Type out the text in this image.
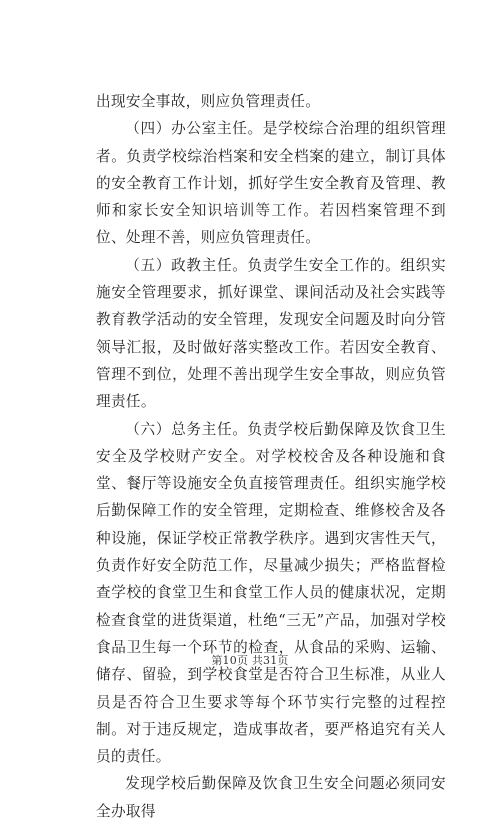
出现安全事故，则应负管理责任。

（四）办公室主任。是学校综合治理的组织管理者。负责学校综治档案和安全档案的建立，制订具体的安全教育工作计划，抓好学生安全教育及管理、教师和家长安全知识培训等工作。若因档案管理不到位、处理不善，则应负管理责任。

（五）政教主任。负责学生安全工作的。组织实施安全管理要求，抓好课堂、课间活动及社会实践等教育教学活动的安全管理，发现安全问题及时向分管领导汇报，及时做好落实整改工作。若因安全教育、管理不到位，处理不善出现学生安全事故，则应负管理责任。

（六）总务主任。负责学校后勤保障及饮食卫生安全及学校财产安全。对学校校舍及各种设施和食堂、餐厅等设施安全负直接管理责任。组织实施学校后勤保障工作的安全管理，定期检查、维修校舍及各种设施，保证学校正常教学秩序。遇到灾害性天气，负责作好安全防范工作，尽量减少损失；严格监督检查学校的食堂卫生和食堂工作人员的健康状况，定期检查食堂的进货渠道，杜绝“三无”产品，加强对学校食品卫生每一个环节的检查，从食品的采购、运输、储存、留验，到学校食堂是否符合卫生标准，从业人员是否符合卫生要求等每个环节实行完整的过程控制。对于违反规定，造成事故者，要严格追究有关人员的责任。

发现学校后勤保障及饮食卫生安全问题必须同安全办取得

第10页 共31页
